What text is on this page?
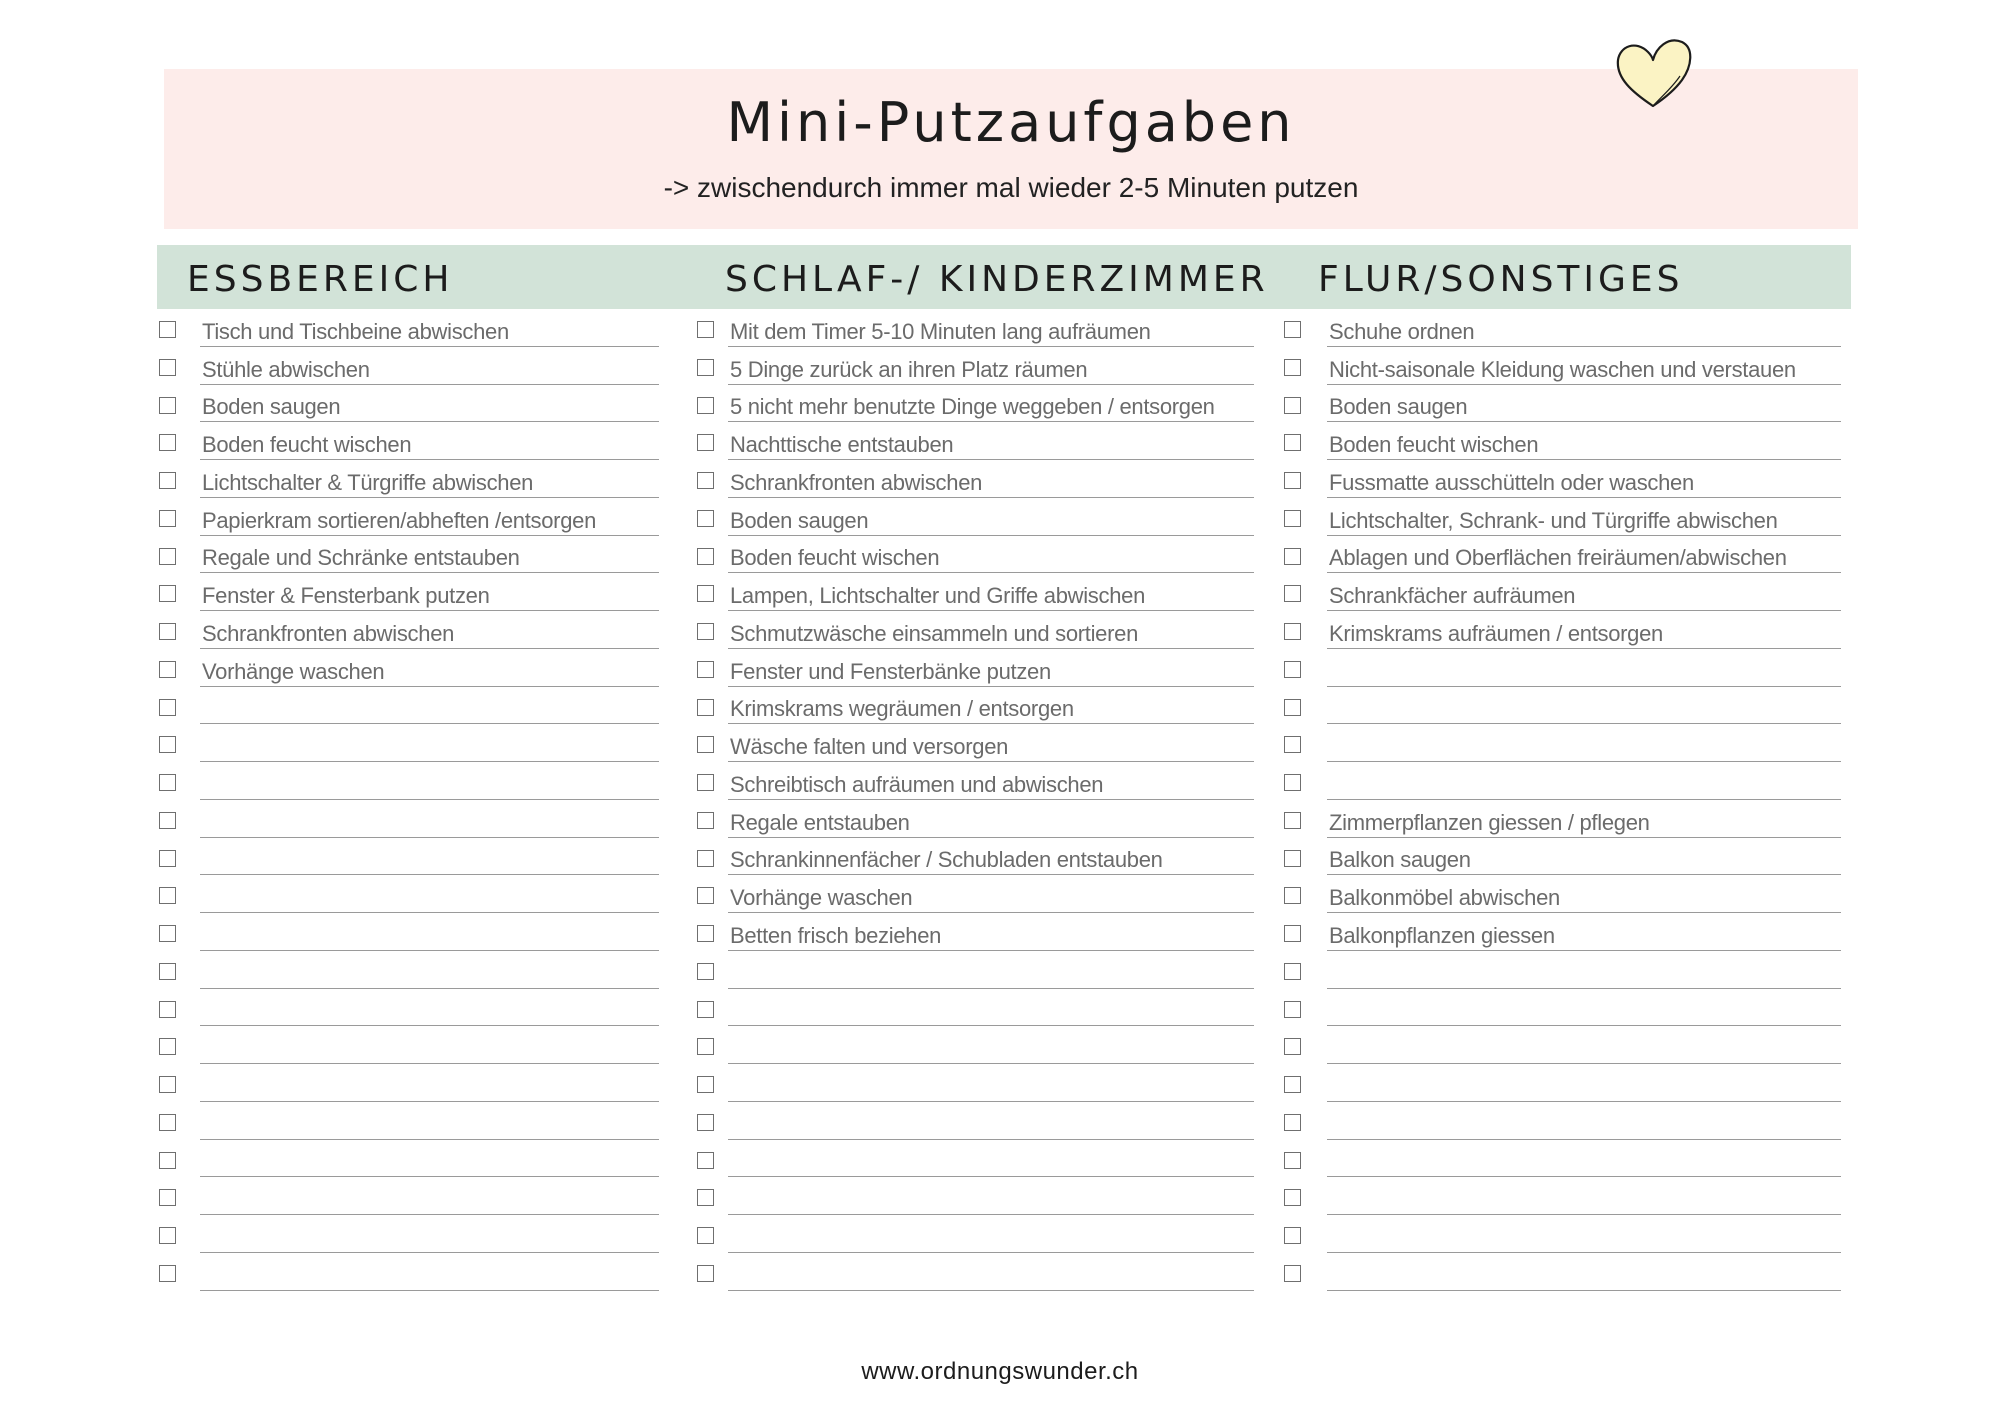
Mini-Putzaufgaben
-> zwischendurch immer mal wieder 2-5 Minuten putzen
ESSBEREICH
Tisch und Tischbeine abwischen
Stühle abwischen
Boden saugen
Boden feucht wischen
Lichtschalter & Türgriffe abwischen
Papierkram sortieren/abheften /entsorgen
Regale und Schränke entstauben
Fenster & Fensterbank putzen
Schrankfronten abwischen
Vorhänge waschen
SCHLAF-/ KINDERZIMMER
Mit dem Timer 5-10 Minuten lang aufräumen
5 Dinge zurück an ihren Platz räumen
5 nicht mehr benutzte Dinge weggeben / entsorgen
Nachttische entstauben
Schrankfronten abwischen
Boden saugen
Boden feucht wischen
Lampen, Lichtschalter und Griffe abwischen
Schmutzwäsche einsammeln und sortieren
Fenster und Fensterbänke putzen
Krimskrams wegräumen / entsorgen
Wäsche falten und versorgen
Schreibtisch aufräumen und abwischen
Regale entstauben
Schrankinnenfächer / Schubladen entstauben
Vorhänge waschen
Betten frisch beziehen
FLUR/SONSTIGES
Schuhe ordnen
Nicht-saisonale Kleidung waschen und verstauen
Boden saugen
Boden feucht wischen
Fussmatte ausschütteln oder waschen
Lichtschalter, Schrank- und Türgriffe abwischen
Ablagen und Oberflächen freiräumen/abwischen
Schrankfächer aufräumen
Krimskrams aufräumen / entsorgen
Zimmerpflanzen giessen / pflegen
Balkon saugen
Balkonmöbel abwischen
Balkonpflanzen giessen
www.ordnungswunder.ch
